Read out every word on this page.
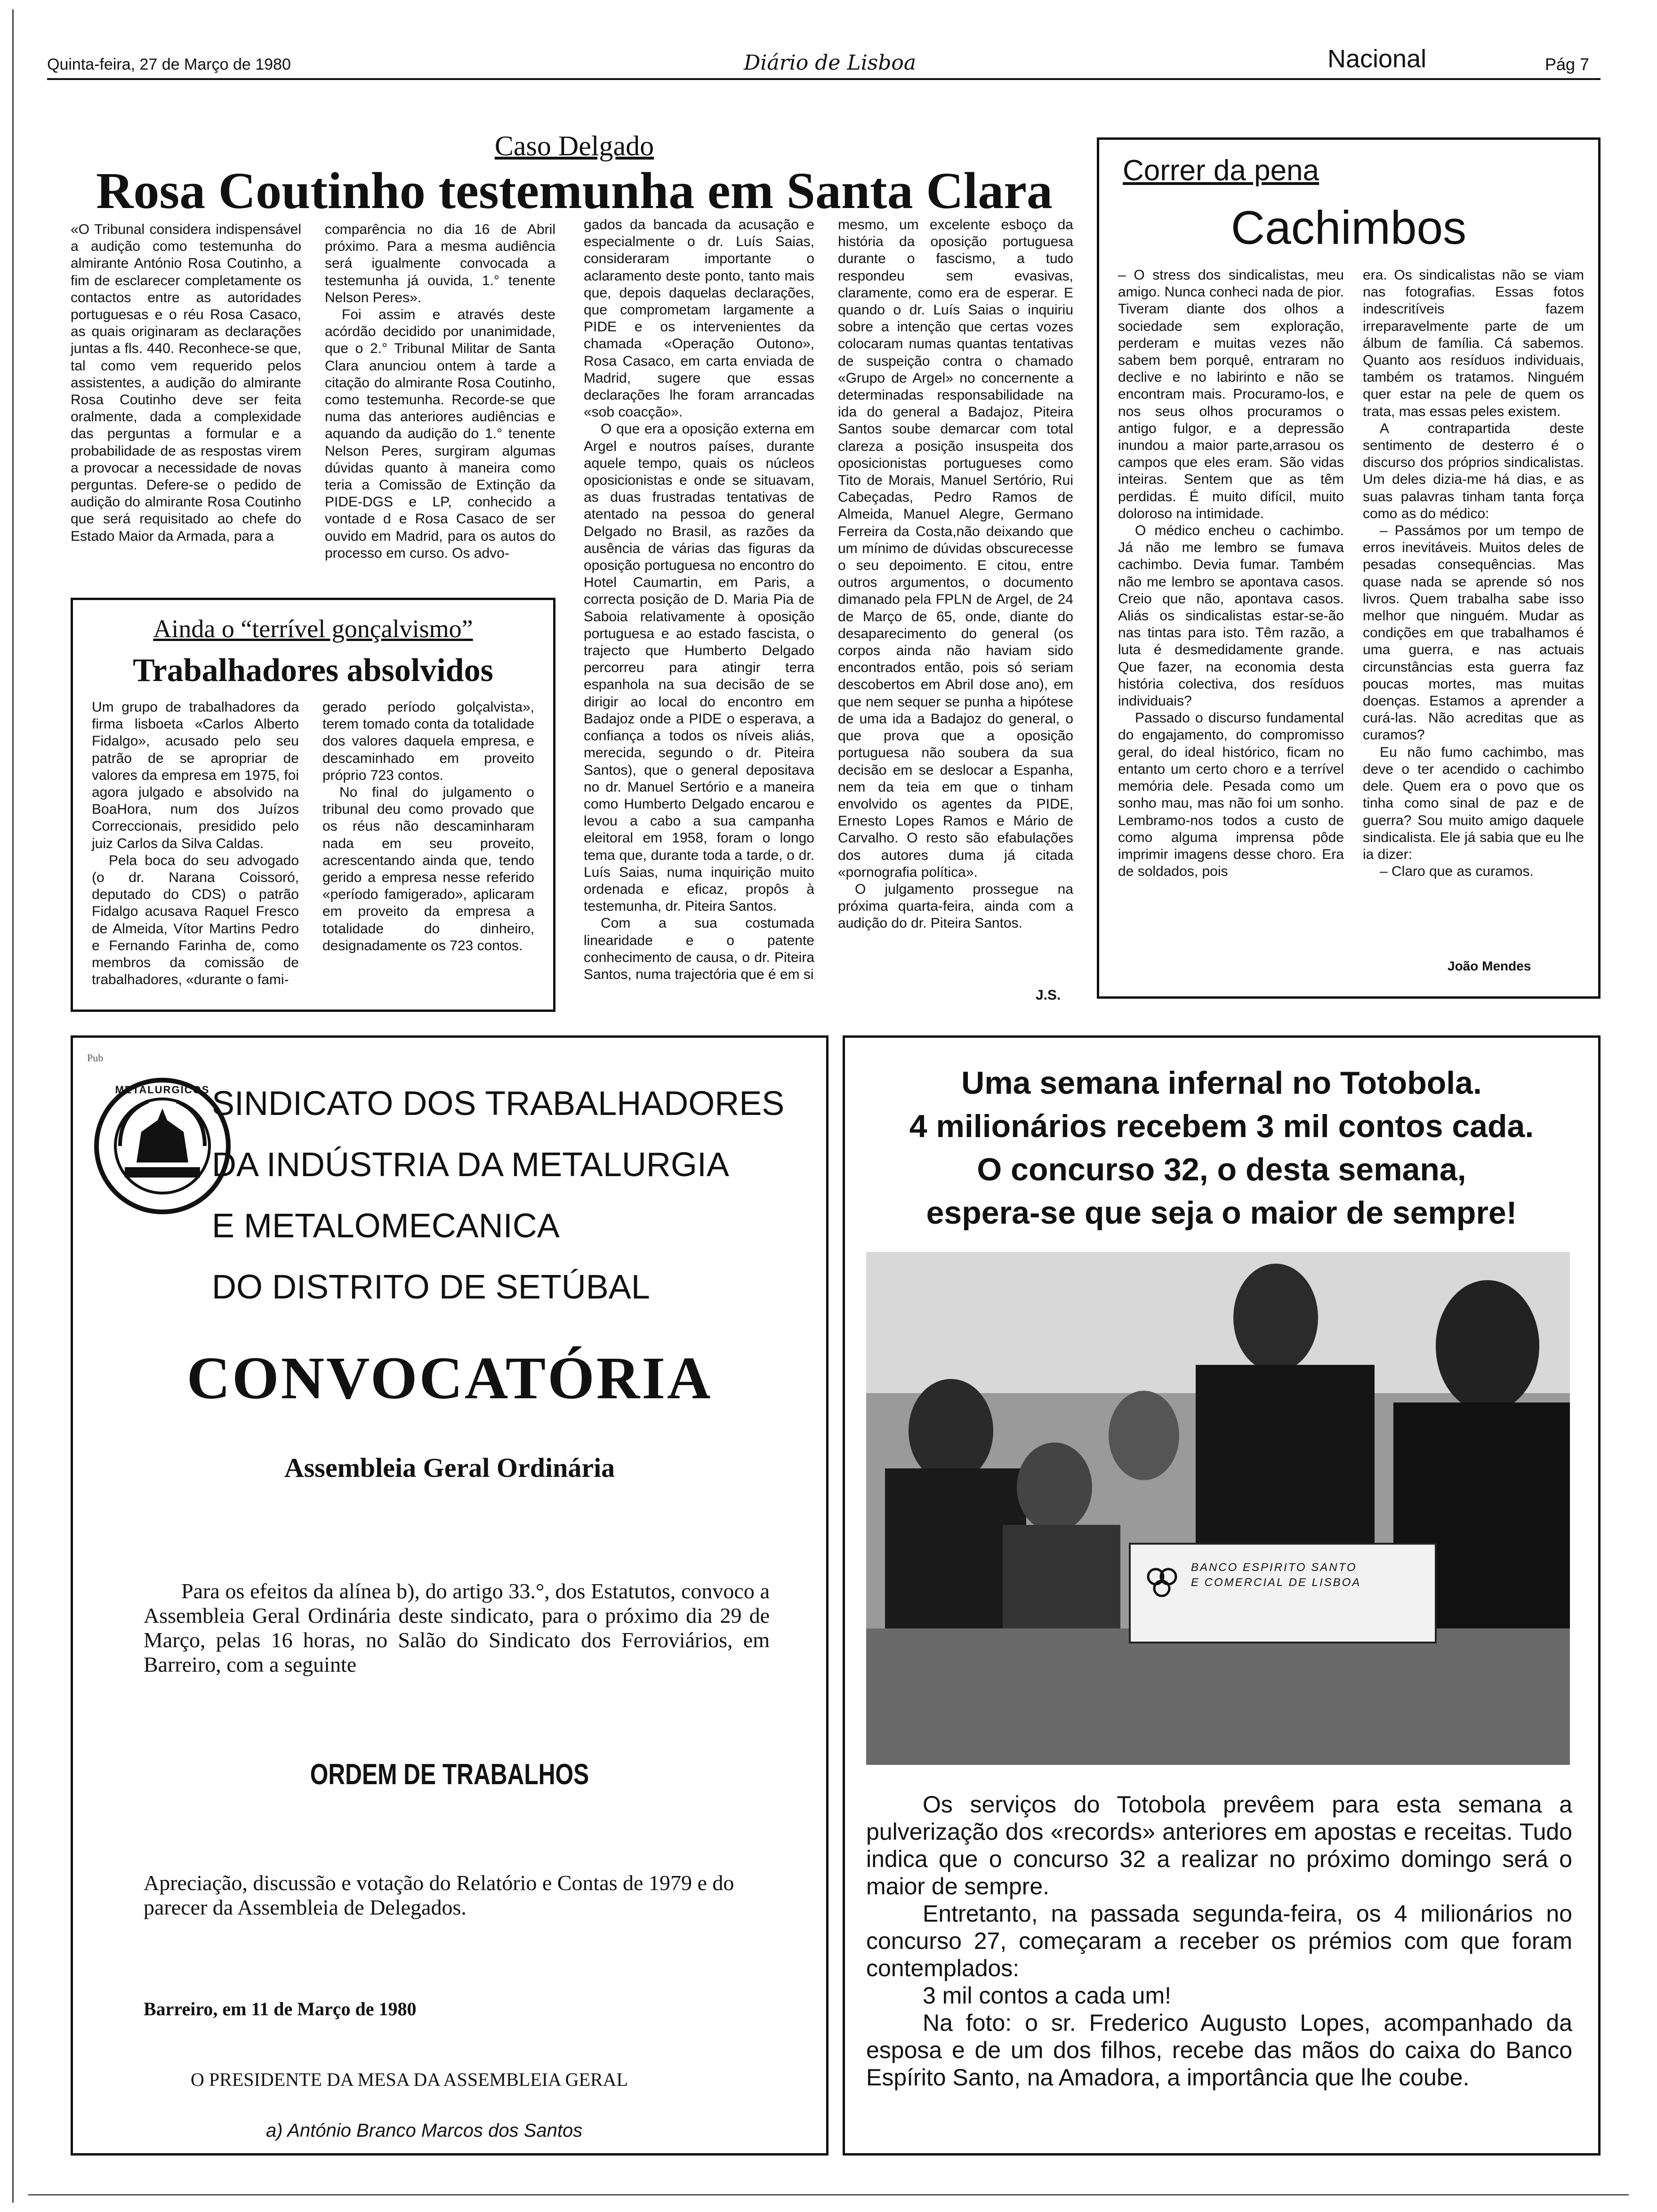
Quinta-feira, 27 de Março de 1980	Diário de Lisboa	Nacional	Pág 7
Caso Delgado
Rosa Coutinho testemunha em Santa Clara

«O Tribunal considera indispensável a audição como testemunha do almirante António Rosa Coutinho, a fim de esclarecer completamente os contactos entre as autoridades portuguesas e o réu Rosa Casaco, as quais originaram as declarações juntas a fls. 440. Reconhece-se que, tal como vem requerido pelos assistentes, a audição do almirante Rosa Coutinho deve ser feita oralmente, dada a complexidade das perguntas a formular e a probabilidade de as respostas virem a provocar a necessidade de novas perguntas. Defere-se o pedido de audição do almirante Rosa Coutinho que será requisitado ao chefe do Estado Maior da Armada, para a

comparência no dia 16 de Abril próximo. Para a mesma audiência será igualmente convocada a testemunha já ouvida, 1.° tenente Nelson Peres».

Foi assim e através deste acórdão decidido por unanimidade, que o 2.° Tribunal Militar de Santa Clara anunciou ontem à tarde a citação do almirante Rosa Coutinho, como testemunha. Recorde-se que numa das anteriores audiências e aquando da audição do 1.° tenente Nelson Peres, surgiram algumas dúvidas quanto à maneira como teria a Comissão de Extinção da PIDE-DGS e LP, conhecido a vontade d e Rosa Casaco de ser ouvido em Madrid, para os autos do processo em curso. Os advo-

gados da bancada da acusação e especialmente o dr. Luís Saias, consideraram importante o aclaramento deste ponto, tanto mais que, depois daquelas declarações, que comprometam largamente a PIDE e os intervenientes da chamada «Operação Outono», Rosa Casaco, em carta enviada de Madrid, sugere que essas declarações lhe foram arrancadas «sob coacção».

O que era a oposição externa em Argel e noutros países, durante aquele tempo, quais os núcleos oposicionistas e onde se situavam, as duas frustradas tentativas de atentado na pessoa do general Delgado no Brasil, as razões da ausência de várias das figuras da oposição portuguesa no encontro do Hotel Caumartin, em Paris, a correcta posição de D. Maria Pia de Saboia relativamente à oposição portuguesa e ao estado fascista, o trajecto que Humberto Delgado percorreu para atingir terra espanhola na sua decisão de se dirigir ao local do encontro em Badajoz onde a PIDE o esperava, a confiança a todos os níveis aliás, merecida, segundo o dr. Piteira Santos), que o general depositava no dr. Manuel Sertório e a maneira como Humberto Delgado encarou e levou a cabo a sua campanha eleitoral em 1958, foram o longo tema que, durante toda a tarde, o dr. Luís Saias, numa inquirição muito ordenada e eficaz, propôs à testemunha, dr. Piteira Santos.

Com a sua costumada linearidade e o patente conhecimento de causa, o dr. Piteira Santos, numa trajectória que é em si

mesmo, um excelente esboço da história da oposição portuguesa durante o fascismo, a tudo respondeu sem evasivas, claramente, como era de esperar. E quando o dr. Luís Saias o inquiriu sobre a intenção que certas vozes colocaram numas quantas tentativas de suspeição contra o chamado «Grupo de Argel» no concernente a determinadas responsabilidade na ida do general a Badajoz, Piteira Santos soube demarcar com total clareza a posição insuspeita dos oposicionistas portugueses como Tito de Morais, Manuel Sertório, Rui Cabeçadas, Pedro Ramos de Almeida, Manuel Alegre, Germano Ferreira da Costa,não deixando que um mínimo de dúvidas obscurecesse o seu depoimento. E citou, entre outros argumentos, o documento dimanado pela FPLN de Argel, de 24 de Março de 65, onde, diante do desaparecimento do general (os corpos ainda não haviam sido encontrados então, pois só seriam descobertos em Abril dose ano), em que nem sequer se punha a hipótese de uma ida a Badajoz do general, o que prova que a oposição portuguesa não soubera da sua decisão em se deslocar a Espanha, nem da teia em que o tinham envolvido os agentes da PIDE, Ernesto Lopes Ramos e Mário de Carvalho. O resto são efabulações dos autores duma já citada «pornografia política».

O julgamento prossegue na próxima quarta-feira, ainda com a audição do dr. Piteira Santos.

J.S.
Ainda o “terrível gonçalvismo”
Trabalhadores absolvidos

Um grupo de trabalhadores da firma lisboeta «Carlos Alberto Fidalgo», acusado pelo seu patrão de se apropriar de valores da empresa em 1975, foi agora julgado e absolvido na BoaHora, num dos Juízos Correccionais, presidido pelo juiz Carlos da Silva Caldas.

Pela boca do seu advogado (o dr. Narana Coissoró, deputado do CDS) o patrão Fidalgo acusava Raquel Fresco de Almeida, Vítor Martins Pedro e Fernando Farinha de, como membros da comissão de trabalhadores, «durante o fami-

gerado período golçalvista», terem tomado conta da totalidade dos valores daquela empresa, e descaminhado em proveito próprio 723 contos.

No final do julgamento o tribunal deu como provado que os réus não descaminharam nada em seu proveito, acrescentando ainda que, tendo gerido a empresa nesse referido «período famigerado», aplicaram em proveito da empresa a totalidade do dinheiro, designadamente os 723 contos.

Correr da pena
Cachimbos

– O stress dos sindicalistas, meu amigo. Nunca conheci nada de pior. Tiveram diante dos olhos a sociedade sem exploração, perderam e muitas vezes não sabem bem porquê, entraram no declive e no labirinto e não se encontram mais. Procuramo-los, e nos seus olhos procuramos o antigo fulgor, e a depressão inundou a maior parte,arrasou os campos que eles eram. São vidas inteiras. Sentem que as têm perdidas. É muito difícil, muito doloroso na intimidade.

O médico encheu o cachimbo. Já não me lembro se fumava cachimbo. Devia fumar. Também não me lembro se apontava casos. Creio que não, apontava casos. Aliás os sindicalistas estar-se-ão nas tintas para isto. Têm razão, a luta é desmedidamente grande. Que fazer, na economia desta história colectiva, dos resíduos individuais?

Passado o discurso fundamental do engajamento, do compromisso geral, do ideal histórico, ficam no entanto um certo choro e a terrível memória dele. Pesada como um sonho mau, mas não foi um sonho. Lembramo-nos todos a custo de como alguma imprensa pôde imprimir imagens desse choro. Era de soldados, pois

era. Os sindicalistas não se viam nas fotografias. Essas fotos indescritíveis fazem irreparavelmente parte de um álbum de família. Cá sabemos. Quanto aos resíduos individuais, também os tratamos. Ninguém quer estar na pele de quem os trata, mas essas peles existem.

A contrapartida deste sentimento de desterro é o discurso dos próprios sindicalistas. Um deles dizia-me há dias, e as suas palavras tinham tanta força como as do médico:

– Passámos por um tempo de erros inevitáveis. Muitos deles de pesadas consequências. Mas quase nada se aprende só nos livros. Quem trabalha sabe isso melhor que ninguém. Mudar as condições em que trabalhamos é uma guerra, e nas actuais circunstâncias esta guerra faz poucas mortes, mas muitas doenças. Estamos a aprender a curá-las. Não acreditas que as curamos?

Eu não fumo cachimbo, mas deve o ter acendido o cachimbo dele. Quem era o povo que os tinha como sinal de paz e de guerra? Sou muito amigo daquele sindicalista. Ele já sabia que eu lhe ia dizer:

– Claro que as curamos.

João Mendes
Pub
METALURGICOS SINDICATO DOS TRABALHADORES
DA INDÚSTRIA DA METALURGIA
E METALOMECANICA
DO DISTRITO DE SETÚBAL
CONVOCATÓRIA
Assembleia Geral Ordinária
Para os efeitos da alínea b), do artigo 33.°, dos Estatutos, convoco a Assembleia Geral Ordinária deste sindicato, para o próximo dia 29 de Março, pelas 16 horas, no Salão do Sindicato dos Ferroviários, em Barreiro, com a seguinte
ORDEM DE TRABALHOS
Apreciação, discussão e votação do Relatório e Contas de 1979 e do parecer da Assembleia de Delegados.
Barreiro, em 11 de Março de 1980
O PRESIDENTE DA MESA DA ASSEMBLEIA GERAL
a) António Branco Marcos dos Santos
Uma semana infernal no Totobola.
4 milionários recebem 3 mil contos cada.
O concurso 32, o desta semana,
espera-se que seja o maior de sempre!
BANCO ESPIRITO SANTO
E COMERCIAL DE LISBOA

Os serviços do Totobola prevêem para esta semana a pulverização dos «records» anteriores em apostas e receitas. Tudo indica que o concurso 32 a realizar no próximo domingo será o maior de sempre.

Entretanto, na passada segunda-feira, os 4 milionários no concurso 27, começaram a receber os prémios com que foram contemplados:

3 mil contos a cada um!

Na foto: o sr. Frederico Augusto Lopes, acompanhado da esposa e de um dos filhos, recebe das mãos do caixa do Banco Espírito Santo, na Amadora, a importância que lhe coube.
